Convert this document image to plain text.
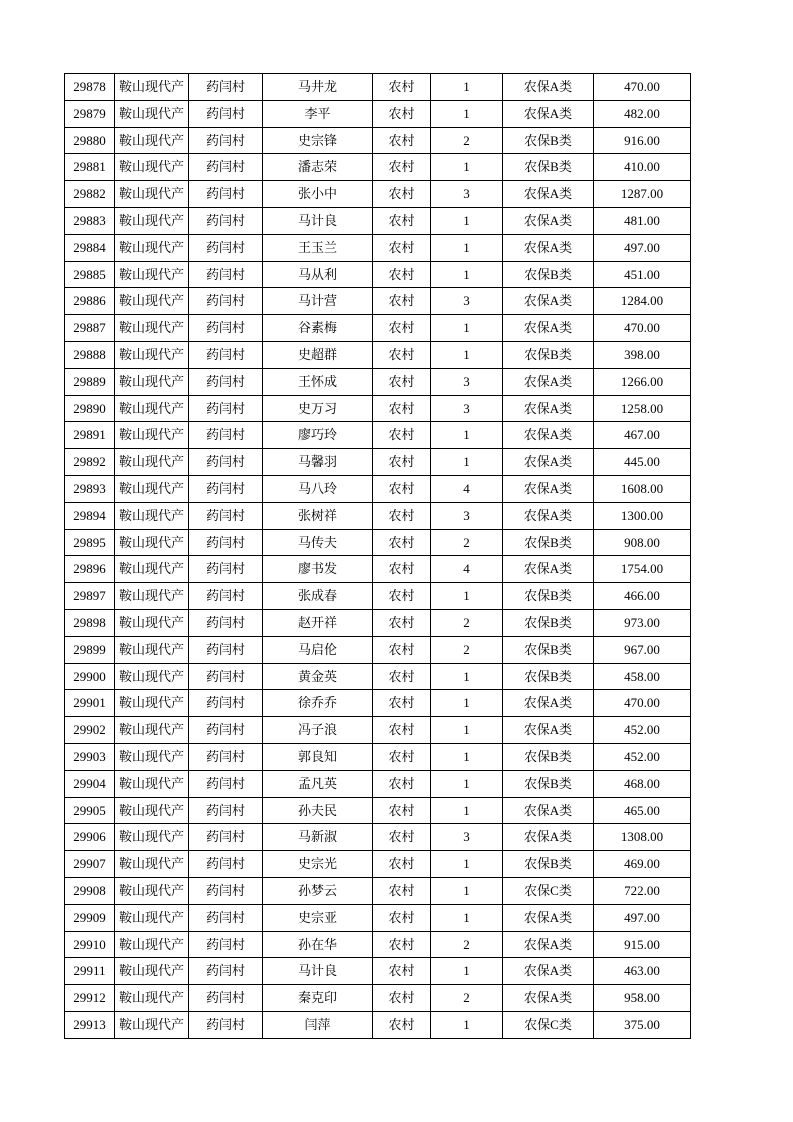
29878	鞍山现代产	药闫村	马井龙	农村	1	农保A类	470.00
29879	鞍山现代产	药闫村	李平	农村	1	农保A类	482.00
29880	鞍山现代产	药闫村	史宗锋	农村	2	农保B类	916.00
29881	鞍山现代产	药闫村	潘志荣	农村	1	农保B类	410.00
29882	鞍山现代产	药闫村	张小中	农村	3	农保A类	1287.00
29883	鞍山现代产	药闫村	马计良	农村	1	农保A类	481.00
29884	鞍山现代产	药闫村	王玉兰	农村	1	农保A类	497.00
29885	鞍山现代产	药闫村	马从利	农村	1	农保B类	451.00
29886	鞍山现代产	药闫村	马计营	农村	3	农保A类	1284.00
29887	鞍山现代产	药闫村	谷素梅	农村	1	农保A类	470.00
29888	鞍山现代产	药闫村	史超群	农村	1	农保B类	398.00
29889	鞍山现代产	药闫村	王怀成	农村	3	农保A类	1266.00
29890	鞍山现代产	药闫村	史万习	农村	3	农保A类	1258.00
29891	鞍山现代产	药闫村	廖巧玲	农村	1	农保A类	467.00
29892	鞍山现代产	药闫村	马馨羽	农村	1	农保A类	445.00
29893	鞍山现代产	药闫村	马八玲	农村	4	农保A类	1608.00
29894	鞍山现代产	药闫村	张树祥	农村	3	农保A类	1300.00
29895	鞍山现代产	药闫村	马传夫	农村	2	农保B类	908.00
29896	鞍山现代产	药闫村	廖书发	农村	4	农保A类	1754.00
29897	鞍山现代产	药闫村	张成春	农村	1	农保B类	466.00
29898	鞍山现代产	药闫村	赵开祥	农村	2	农保B类	973.00
29899	鞍山现代产	药闫村	马启伦	农村	2	农保B类	967.00
29900	鞍山现代产	药闫村	黄金英	农村	1	农保B类	458.00
29901	鞍山现代产	药闫村	徐乔乔	农村	1	农保A类	470.00
29902	鞍山现代产	药闫村	冯子浪	农村	1	农保A类	452.00
29903	鞍山现代产	药闫村	郭良知	农村	1	农保B类	452.00
29904	鞍山现代产	药闫村	孟凡英	农村	1	农保B类	468.00
29905	鞍山现代产	药闫村	孙夫民	农村	1	农保A类	465.00
29906	鞍山现代产	药闫村	马新淑	农村	3	农保A类	1308.00
29907	鞍山现代产	药闫村	史宗光	农村	1	农保B类	469.00
29908	鞍山现代产	药闫村	孙梦云	农村	1	农保C类	722.00
29909	鞍山现代产	药闫村	史宗亚	农村	1	农保A类	497.00
29910	鞍山现代产	药闫村	孙在华	农村	2	农保A类	915.00
29911	鞍山现代产	药闫村	马计良	农村	1	农保A类	463.00
29912	鞍山现代产	药闫村	秦克印	农村	2	农保A类	958.00
29913	鞍山现代产	药闫村	闫萍	农村	1	农保C类	375.00
